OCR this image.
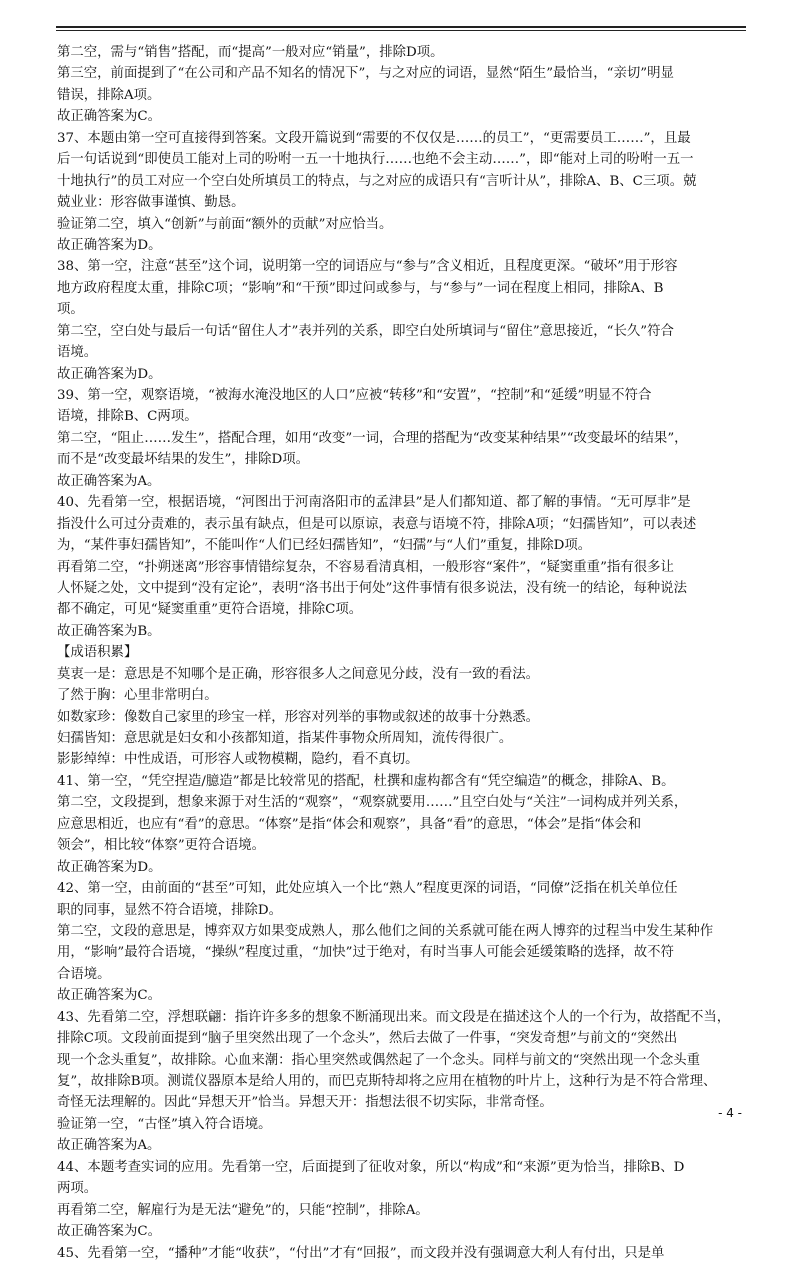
第二空，需与“销售”搭配，而“提高”一般对应“销量”，排除D项。
第三空，前面提到了“在公司和产品不知名的情况下”，与之对应的词语，显然“陌生”最恰当，“亲切”明显
错误，排除A项。
故正确答案为C。
37、本题由第一空可直接得到答案。文段开篇说到“需要的不仅仅是……的员工”，“更需要员工……”，且最
后一句话说到“即使员工能对上司的吩咐一五一十地执行……也绝不会主动……”，即“能对上司的吩咐一五一
十地执行”的员工对应一个空白处所填员工的特点，与之对应的成语只有“言听计从”，排除A、B、C三项。兢
兢业业：形容做事谨慎、勤恳。
验证第二空，填入“创新”与前面“额外的贡献”对应恰当。
故正确答案为D。
38、第一空，注意“甚至”这个词，说明第一空的词语应与“参与”含义相近，且程度更深。“破坏”用于形容
地方政府程度太重，排除C项；“影响”和“干预”即过问或参与，与“参与”一词在程度上相同，排除A、B
项。
第二空，空白处与最后一句话“留住人才”表并列的关系，即空白处所填词与“留住”意思接近，“长久”符合
语境。
故正确答案为D。
39、第一空，观察语境，“被海水淹没地区的人口”应被“转移”和“安置”，“控制”和“延缓”明显不符合
语境，排除B、C两项。
第二空，“阻止……发生”，搭配合理，如用“改变”一词，合理的搭配为“改变某种结果”“改变最坏的结果”，
而不是“改变最坏结果的发生”，排除D项。
故正确答案为A。
40、先看第一空，根据语境，“河图出于河南洛阳市的孟津县”是人们都知道、都了解的事情。“无可厚非”是
指没什么可过分责难的，表示虽有缺点，但是可以原谅，表意与语境不符，排除A项；“妇孺皆知”，可以表述
为，“某件事妇孺皆知”，不能叫作“人们已经妇孺皆知”，“妇孺”与“人们”重复，排除D项。
再看第二空，“扑朔迷离”形容事情错综复杂，不容易看清真相，一般形容“案件”，“疑窦重重”指有很多让
人怀疑之处，文中提到“没有定论”，表明“洛书出于何处”这件事情有很多说法，没有统一的结论，每种说法
都不确定，可见“疑窦重重”更符合语境，排除C项。
故正确答案为B。
【成语积累】
莫衷一是：意思是不知哪个是正确，形容很多人之间意见分歧，没有一致的看法。
了然于胸：心里非常明白。
如数家珍：像数自己家里的珍宝一样，形容对列举的事物或叙述的故事十分熟悉。
妇孺皆知：意思就是妇女和小孩都知道，指某件事物众所周知，流传得很广。
影影绰绰：中性成语，可形容人或物模糊，隐约，看不真切。
41、第一空，“凭空捏造/臆造”都是比较常见的搭配，杜撰和虚构都含有“凭空编造”的概念，排除A、B。
第二空，文段提到，想象来源于对生活的“观察”，“观察就要用……”且空白处与“关注”一词构成并列关系，
应意思相近，也应有“看”的意思。“体察”是指“体会和观察”，具备“看”的意思，“体会”是指“体会和
领会”，相比较“体察”更符合语境。
故正确答案为D。
42、第一空，由前面的“甚至”可知，此处应填入一个比“熟人”程度更深的词语，“同僚”泛指在机关单位任
职的同事，显然不符合语境，排除D。
第二空，文段的意思是，博弈双方如果变成熟人，那么他们之间的关系就可能在两人博弈的过程当中发生某种作
用，“影响”最符合语境，“操纵”程度过重，“加快”过于绝对，有时当事人可能会延缓策略的选择，故不符
合语境。
故正确答案为C。
43、先看第二空，浮想联翩：指许许多多的想象不断涌现出来。而文段是在描述这个人的一个行为，故搭配不当，
排除C项。文段前面提到“脑子里突然出现了一个念头”，然后去做了一件事，“突发奇想”与前文的“突然出
现一个念头重复”，故排除。心血来潮：指心里突然或偶然起了一个念头。同样与前文的“突然出现一个念头重
复”，故排除B项。测谎仪器原本是给人用的，而巴克斯特却将之应用在植物的叶片上，这种行为是不符合常理、
奇怪无法理解的。因此“异想天开”恰当。异想天开：指想法很不切实际，非常奇怪。
验证第一空，“古怪”填入符合语境。
故正确答案为A。
44、本题考查实词的应用。先看第一空，后面提到了征收对象，所以“构成”和“来源”更为恰当，排除B、D
两项。
再看第二空，解雇行为是无法“避免”的，只能“控制”，排除A。
故正确答案为C。
45、先看第一空，“播种”才能“收获”，“付出”才有“回报”，而文段并没有强调意大利人有付出，只是单
- 4 -
